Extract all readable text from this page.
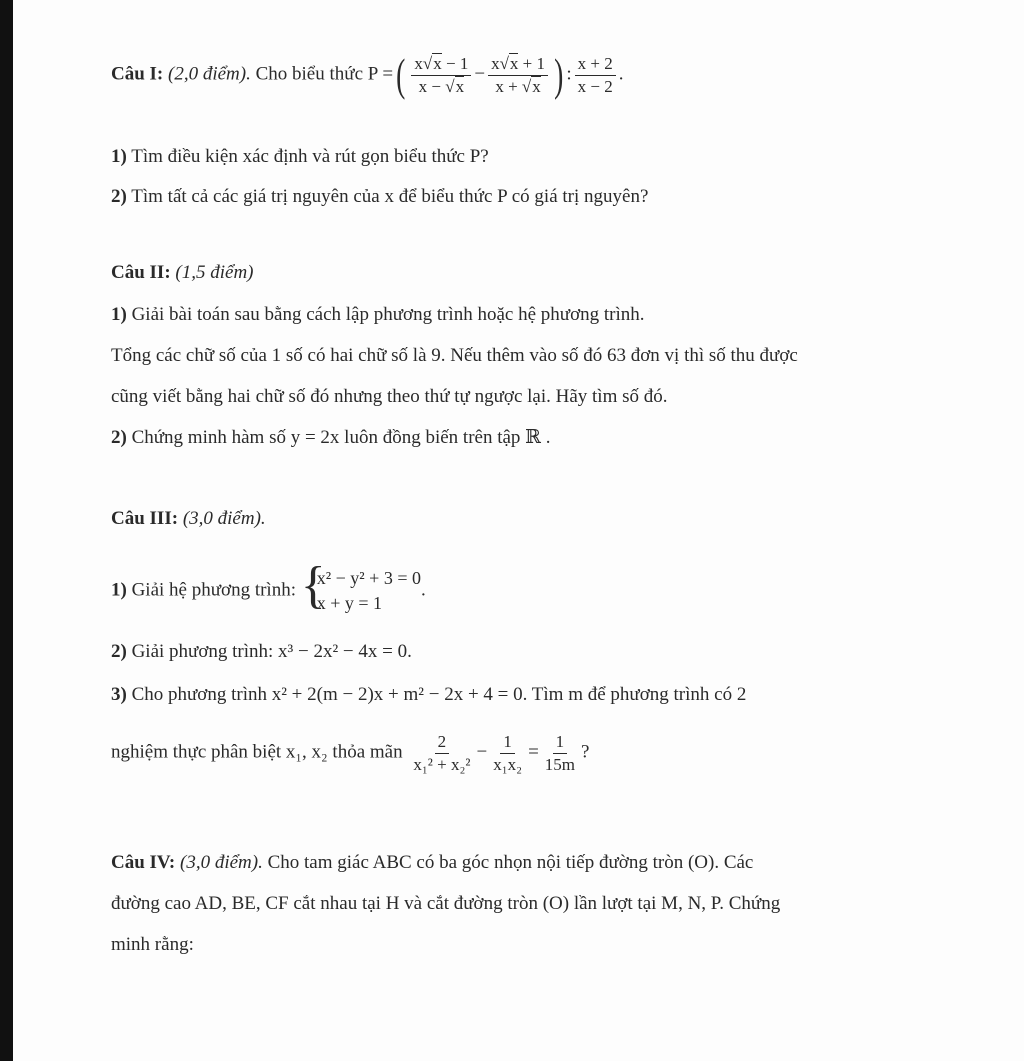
Câu I: (2,0 điểm). Cho biểu thức P =( $\frac{x√x - 1}{x - √x} - \frac{x√x + 1}{x + √x}$ ) : $\frac{x + 2}{x - 2}$ .
1) Tìm điều kiện xác định và rút gọn biểu thức P?
2) Tìm tất cả các giá trị nguyên của x để biểu thức P có giá trị nguyên?
Câu II: (1,5 điểm)
1) Giải bài toán sau bằng cách lập phương trình hoặc hệ phương trình.
Tổng các chữ số của 1 số có hai chữ số là 9. Nếu thêm vào số đó 63 đơn vị thì số thu được
cũng viết bằng hai chữ số đó nhưng theo thứ tự ngược lại. Hãy tìm số đó.
2) Chứng minh hàm số y = 2x luôn đồng biến trên tập ℝ .
Câu III: (3,0 điểm).
1) Giải hệ phương trình: {
x² − y² + 3 = 0
x + y = 1
.
2) Giải phương trình: x³ − 2x² − 4x = 0.
3) Cho phương trình x² + 2(m − 2)x + m² − 2x + 4 = 0. Tìm m để phương trình có 2
nghiệm thực phân biệt x₁, x₂ thỏa mãn $\frac{2}{\text{x₁² + x₂²}} - \frac{1}{\text{x₁x₂}} = \frac{1}{15m}$ ?
Câu IV: (3,0 điểm). Cho tam giác ABC có ba góc nhọn nội tiếp đường tròn (O). Các
đường cao AD, BE, CF cắt nhau tại H và cắt đường tròn (O) lần lượt tại M, N, P. Chứng
minh rằng:
